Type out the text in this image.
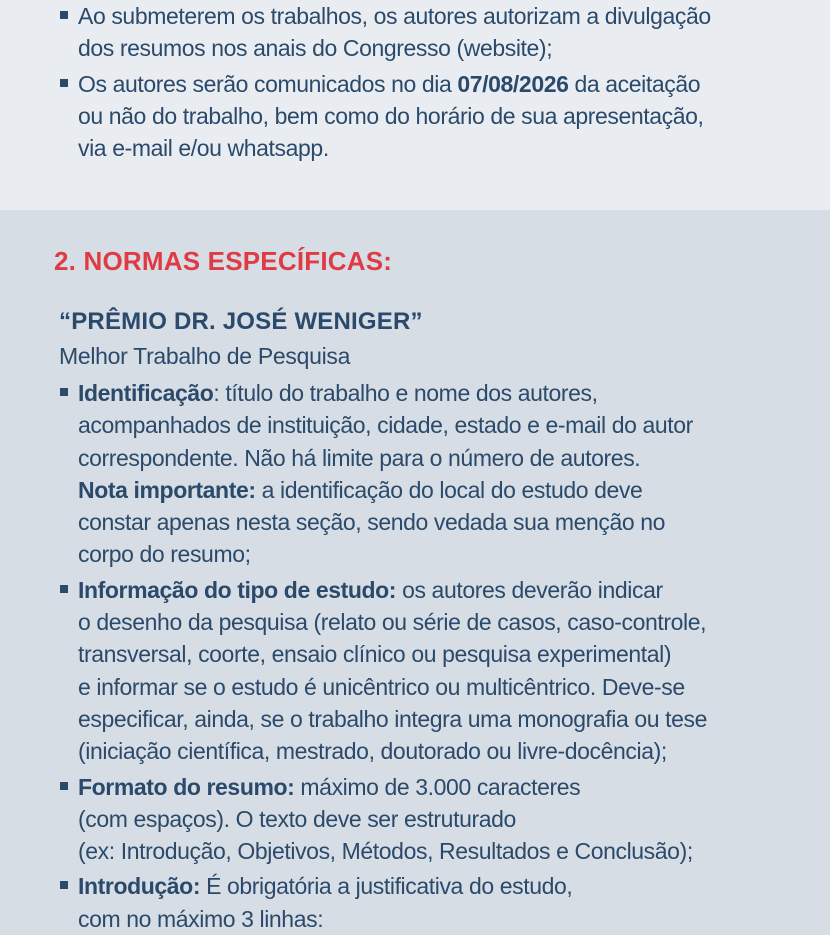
Ao submeterem os trabalhos, os autores autorizam a divulgação
dos resumos nos anais do Congresso (website);
Os autores serão comunicados no dia 07/08/2026 da aceitação
ou não do trabalho, bem como do horário de sua apresentação,
via e-mail e/ou whatsapp.
2. NORMAS ESPECÍFICAS:
“PRÊMIO DR. JOSÉ WENIGER”
Melhor Trabalho de Pesquisa
Identificação: título do trabalho e nome dos autores,
acompanhados de instituição, cidade, estado e e-mail do autor
correspondente. Não há limite para o número de autores.
Nota importante: a identificação do local do estudo deve
constar apenas nesta seção, sendo vedada sua menção no
corpo do resumo;
Informação do tipo de estudo: os autores deverão indicar
o desenho da pesquisa (relato ou série de casos, caso-controle,
transversal, coorte, ensaio clínico ou pesquisa experimental)
e informar se o estudo é unicêntrico ou multicêntrico. Deve-se
especificar, ainda, se o trabalho integra uma monografia ou tese
(iniciação científica, mestrado, doutorado ou livre-docência);
Formato do resumo: máximo de 3.000 caracteres
(com espaços). O texto deve ser estruturado
(ex: Introdução, Objetivos, Métodos, Resultados e Conclusão);
Introdução: É obrigatória a justificativa do estudo,
com no máximo 3 linhas:
